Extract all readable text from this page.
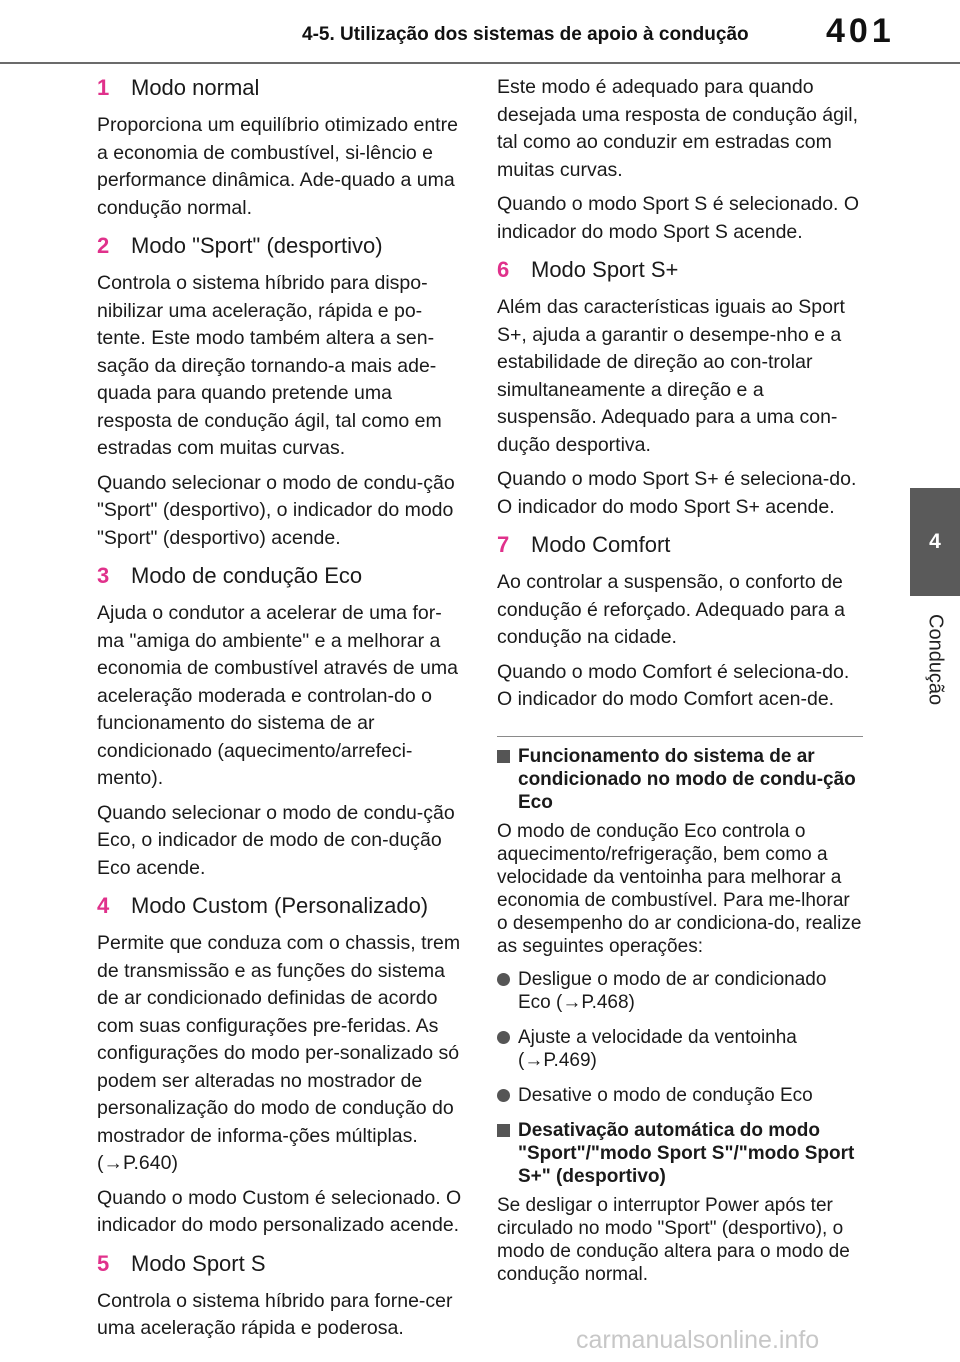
4-5. Utilização dos sistemas de apoio à condução 401
4
Condução
1 Modo normal

Proporciona um equilíbrio otimizado entre a economia de combustível, si-lêncio e performance dinâmica. Ade-quado a uma condução normal.

2 Modo "Sport" (desportivo)

Controla o sistema híbrido para dispo-nibilizar uma aceleração, rápida e po-tente. Este modo também altera a sen-sação da direção tornando-a mais ade-quada para quando pretende uma resposta de condução ágil, tal como em estradas com muitas curvas.

Quando selecionar o modo de condu-ção "Sport" (desportivo), o indicador do modo "Sport" (desportivo) acende.

3 Modo de condução Eco

Ajuda o condutor a acelerar de uma for-ma "amiga do ambiente" e a melhorar a economia de combustível através de uma aceleração moderada e controlan-do o funcionamento do sistema de ar condicionado (aquecimento/arrefeci-mento).

Quando selecionar o modo de condu-ção Eco, o indicador de modo de con-dução Eco acende.

4 Modo Custom (Personalizado)

Permite que conduza com o chassis, trem de transmissão e as funções do sistema de ar condicionado definidas de acordo com suas configurações pre-feridas. As configurações do modo per-sonalizado só podem ser alteradas no mostrador de personalização do modo de condução do mostrador de informa-ções múltiplas. (→P.640)

Quando o modo Custom é selecionado. O indicador do modo personalizado acende.

5 Modo Sport S

Controla o sistema híbrido para forne-cer uma aceleração rápida e poderosa.

Este modo é adequado para quando desejada uma resposta de condução ágil, tal como ao conduzir em estradas com muitas curvas.

Quando o modo Sport S é selecionado. O indicador do modo Sport S acende.

6 Modo Sport S+

Além das características iguais ao Sport S+, ajuda a garantir o desempe-nho e a estabilidade de direção ao con-trolar simultaneamente a direção e a suspensão. Adequado para a uma con-dução desportiva.

Quando o modo Sport S+ é seleciona-do. O indicador do modo Sport S+ acende.

7 Modo Comfort

Ao controlar a suspensão, o conforto de condução é reforçado. Adequado para a condução na cidade.

Quando o modo Comfort é seleciona-do. O indicador do modo Comfort acen-de.

Funcionamento do sistema de ar condicionado no modo de condu-ção Eco

O modo de condução Eco controla o aquecimento/refrigeração, bem como a velocidade da ventoinha para melhorar a economia de combustível. Para me-lhorar o desempenho do ar condiciona-do, realize as seguintes operações:

Desligue o modo de ar condicionado Eco (→P.468)
Ajuste a velocidade da ventoinha (→P.469)
Desative o modo de condução Eco
Desativação automática do modo "Sport"/"modo Sport S"/"modo Sport S+" (desportivo)

Se desligar o interruptor Power após ter circulado no modo "Sport" (desportivo), o modo de condução altera para o modo de condução normal.

carmanualsonline.info
